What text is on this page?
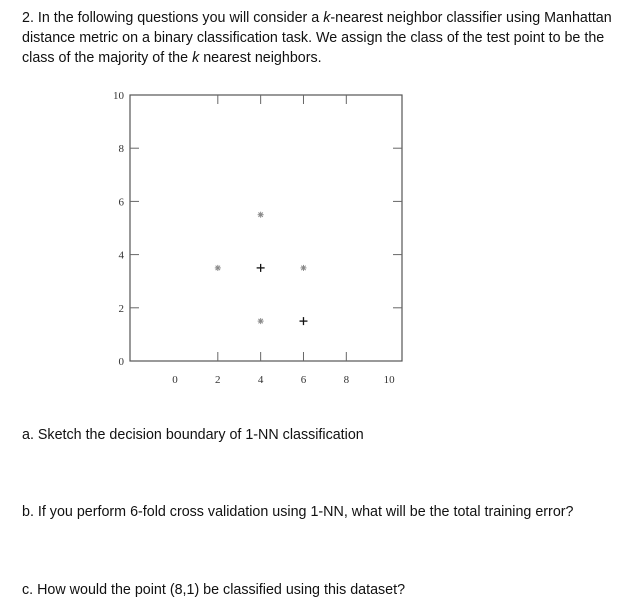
2. In the following questions you will consider a k-nearest neighbor classifier using Manhattan distance metric on a binary classification task. We assign the class of the test point to be the class of the majority of the k nearest neighbors.

0	2	4	6	8	10
10
8
6
4
2
0

a. Sketch the decision boundary of 1-NN classification

b. If you perform 6-fold cross validation using 1-NN, what will be the total training error?

c. How would the point (8,1) be classified using this dataset?
